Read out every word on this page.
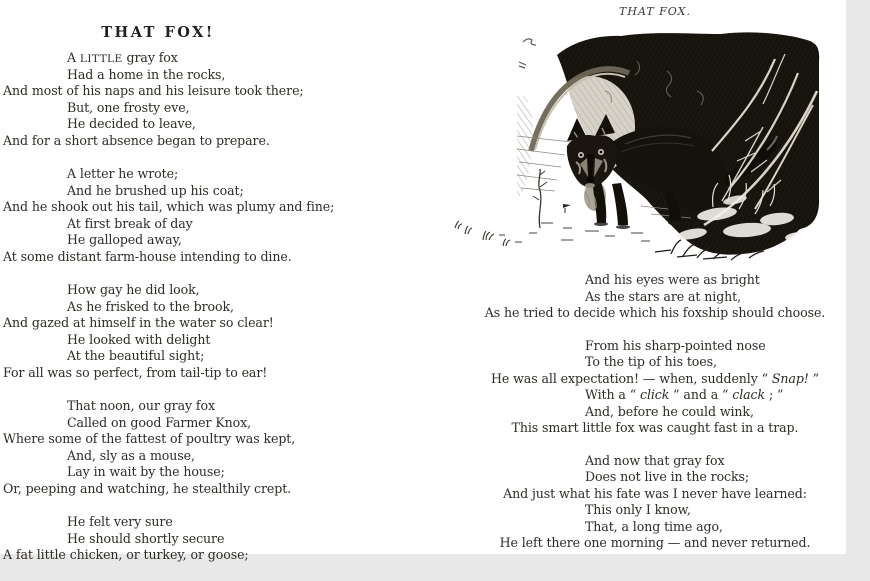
THAT FOX!
A LITTLE gray fox
Had a home in the rocks,
And most of his naps and his leisure took there;
But, one frosty eve,
He decided to leave,
And for a short absence began to prepare.
A letter he wrote;
And he brushed up his coat;
And he shook out his tail, which was plumy and fine;
At first break of day
He galloped away,
At some distant farm-house intending to dine.
How gay he did look,
As he frisked to the brook,
And gazed at himself in the water so clear!
He looked with delight
At the beautiful sight;
For all was so perfect, from tail-tip to ear!
That noon, our gray fox
Called on good Farmer Knox,
Where some of the fattest of poultry was kept,
And, sly as a mouse,
Lay in wait by the house;
Or, peeping and watching, he stealthily crept.
He felt very sure
He should shortly secure
A fat little chicken, or turkey, or goose;
THAT FOX.
And his eyes were as bright
As the stars are at night,
As he tried to decide which his foxship should choose.
From his sharp-pointed nose
To the tip of his toes,
He was all expectation! — when, suddenly “ Snap! ”
With a “ click ” and a “ clack ; ”
And, before he could wink,
This smart little fox was caught fast in a trap.
And now that gray fox
Does not live in the rocks;
And just what his fate was I never have learned:
This only I know,
That, a long time ago,
He left there one morning — and never returned.
